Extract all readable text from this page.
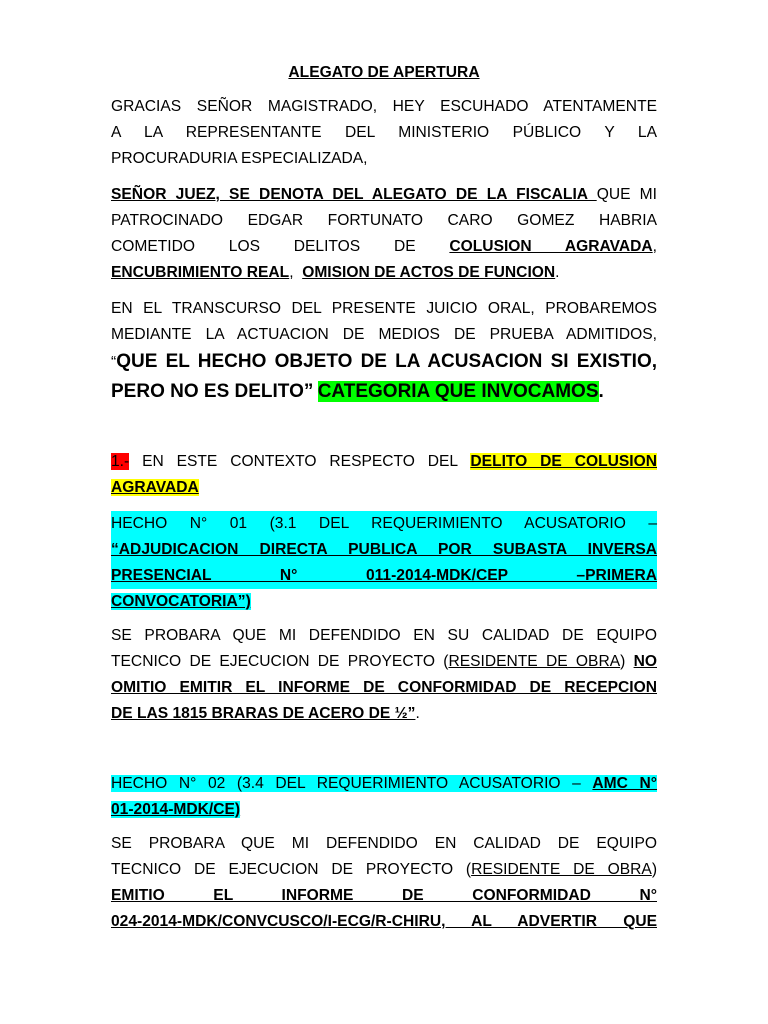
ALEGATO DE APERTURA
GRACIAS SEÑOR MAGISTRADO, HEY ESCUHADO ATENTAMENTE
A LA REPRESENTANTE DEL MINISTERIO PÚBLICO Y LA
PROCURADURIA ESPECIALIZADA,
SEÑOR JUEZ, SE DENOTA DEL ALEGATO DE LA FISCALIA QUE MI
PATROCINADO EDGAR FORTUNATO CARO GOMEZ HABRIA
COMETIDO LOS DELITOS DE COLUSION AGRAVADA,
ENCUBRIMIENTO REAL,  OMISION DE ACTOS DE FUNCION.
EN EL TRANSCURSO DEL PRESENTE JUICIO ORAL, PROBAREMOS
MEDIANTE LA ACTUACION DE MEDIOS DE PRUEBA ADMITIDOS,
“QUE EL HECHO OBJETO DE LA ACUSACION SI EXISTIO,
PERO NO ES DELITO” CATEGORIA QUE INVOCAMOS.
1.- EN ESTE CONTEXTO RESPECTO DEL DELITO DE COLUSION
AGRAVADA
HECHO N° 01 (3.1 DEL REQUERIMIENTO ACUSATORIO –
“ADJUDICACION DIRECTA PUBLICA POR SUBASTA INVERSA
PRESENCIAL N° 011-2014-MDK/CEP –PRIMERA
CONVOCATORIA”)
SE PROBARA QUE MI DEFENDIDO EN SU CALIDAD DE EQUIPO
TECNICO DE EJECUCION DE PROYECTO (RESIDENTE DE OBRA) NO
OMITIO EMITIR EL INFORME DE CONFORMIDAD DE RECEPCION
DE LAS 1815 BRARAS DE ACERO DE ½”.
HECHO N° 02 (3.4 DEL REQUERIMIENTO ACUSATORIO – AMC N°
01-2014-MDK/CE)
SE PROBARA QUE MI DEFENDIDO EN CALIDAD DE EQUIPO
TECNICO DE EJECUCION DE PROYECTO (RESIDENTE DE OBRA)
EMITIO EL INFORME DE CONFORMIDAD N°
024-2014-MDK/CONVCUSCO/I-ECG/R-CHIRU, AL ADVERTIR QUE
